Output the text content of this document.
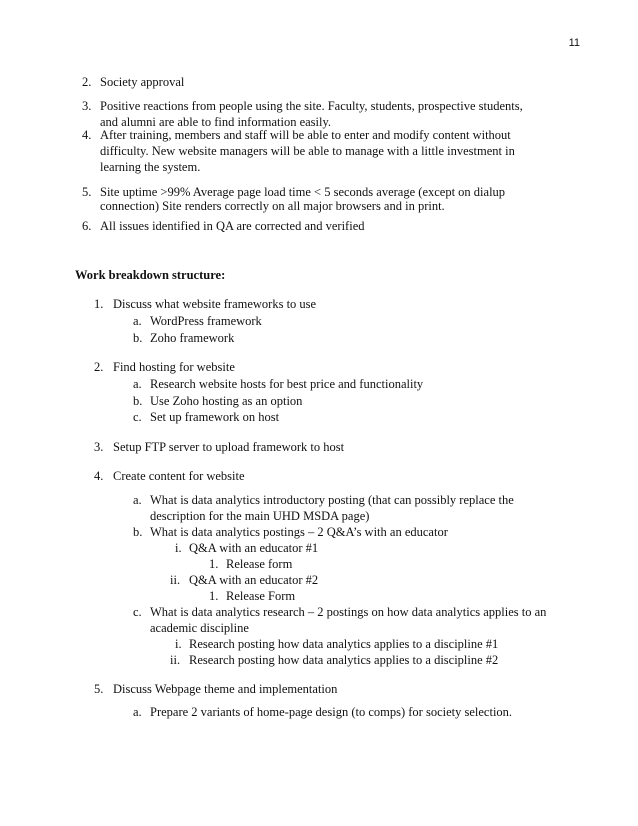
11
2. Society approval
3. Positive reactions from people using the site. Faculty, students, prospective students,
and alumni are able to find information easily.
4. After training, members and staff will be able to enter and modify content without
difficulty. New website managers will be able to manage with a little investment in
learning the system.
5. Site uptime >99% Average page load time < 5 seconds average (except on dialup
connection) Site renders correctly on all major browsers and in print.
6. All issues identified in QA are corrected and verified
Work breakdown structure:
1. Discuss what website frameworks to use
a. WordPress framework
b. Zoho framework
2. Find hosting for website
a. Research website hosts for best price and functionality
b. Use Zoho hosting as an option
c. Set up framework on host
3. Setup FTP server to upload framework to host
4. Create content for website
a. What is data analytics introductory posting (that can possibly replace the
description for the main UHD MSDA page)
b. What is data analytics postings – 2 Q&A’s with an educator
i. Q&A with an educator #1
1. Release form
ii. Q&A with an educator #2
1. Release Form
c. What is data analytics research – 2 postings on how data analytics applies to an
academic discipline
i. Research posting how data analytics applies to a discipline #1
ii. Research posting how data analytics applies to a discipline #2
5. Discuss Webpage theme and implementation
a. Prepare 2 variants of home-page design (to comps) for society selection.
